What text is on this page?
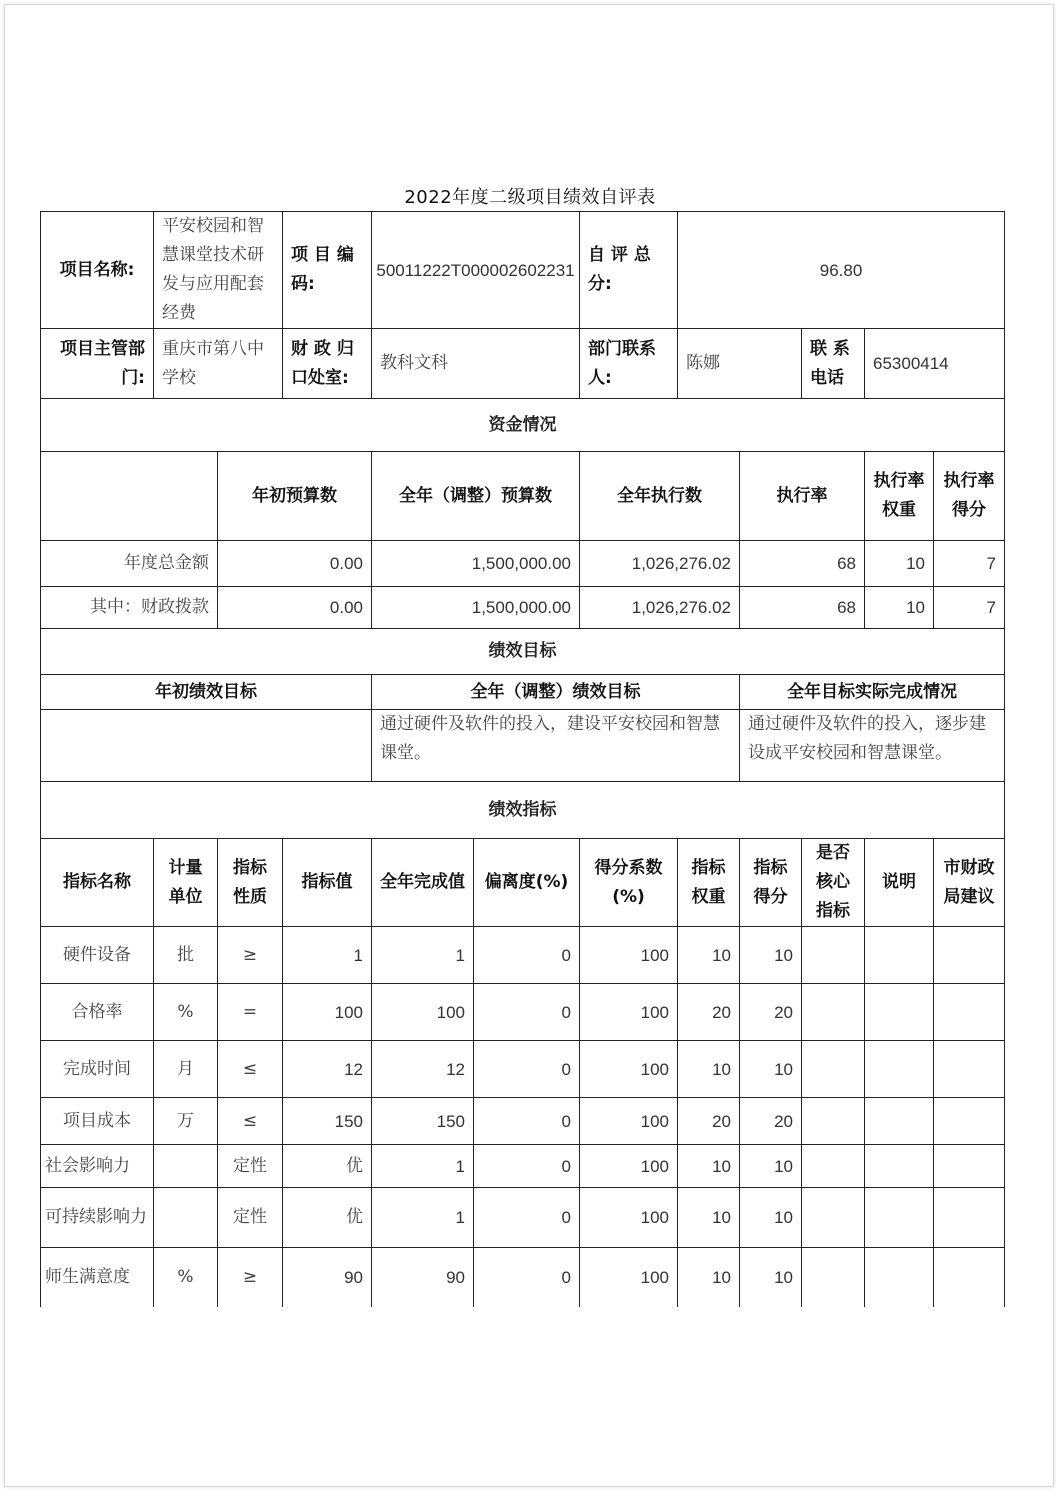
2022年度二级项目绩效自评表
项目名称:	平安校园和智慧课堂技术研发与应用配套经费		项 目 编码:	50011222T000002602231		自 评 总分:	96.80				
项目主管部门:	重庆市第八中学校		财 政 归口处室:	教科文科		部门联系人:	陈娜		联 系电话	65300414	
资金情况											
		年初预算数		全年（调整）预算数		全年执行数		执行率		执行率权重	执行率得分
年度总金额		0.00		1,500,000.00		1,026,276.02		68		10	7
其中：财政拨款		0.00		1,500,000.00		1,026,276.02		68		10	7
绩效目标											
年初绩效目标				全年（调整）绩效目标				全年目标实际完成情况			
				通过硬件及软件的投入，建设平安校园和智慧课堂。				通过硬件及软件的投入，逐步建设成平安校园和智慧课堂。			
绩效指标											
指标名称	计量单位	指标性质	指标值	全年完成值	偏离度(%)	得分系数(%)	指标权重	指标得分	是否核心指标	说明	市财政局建议
硬件设备	批	≥	1	1	0	100	10	10			
合格率	%	=	100	100	0	100	20	20			
完成时间	月	≤	12	12	0	100	10	10			
项目成本	万	≤	150	150	0	100	20	20			
社会影响力		定性	优	1	0	100	10	10			
可持续影响力		定性	优	1	0	100	10	10			
师生满意度	%	≥	90	90	0	100	10	10			
